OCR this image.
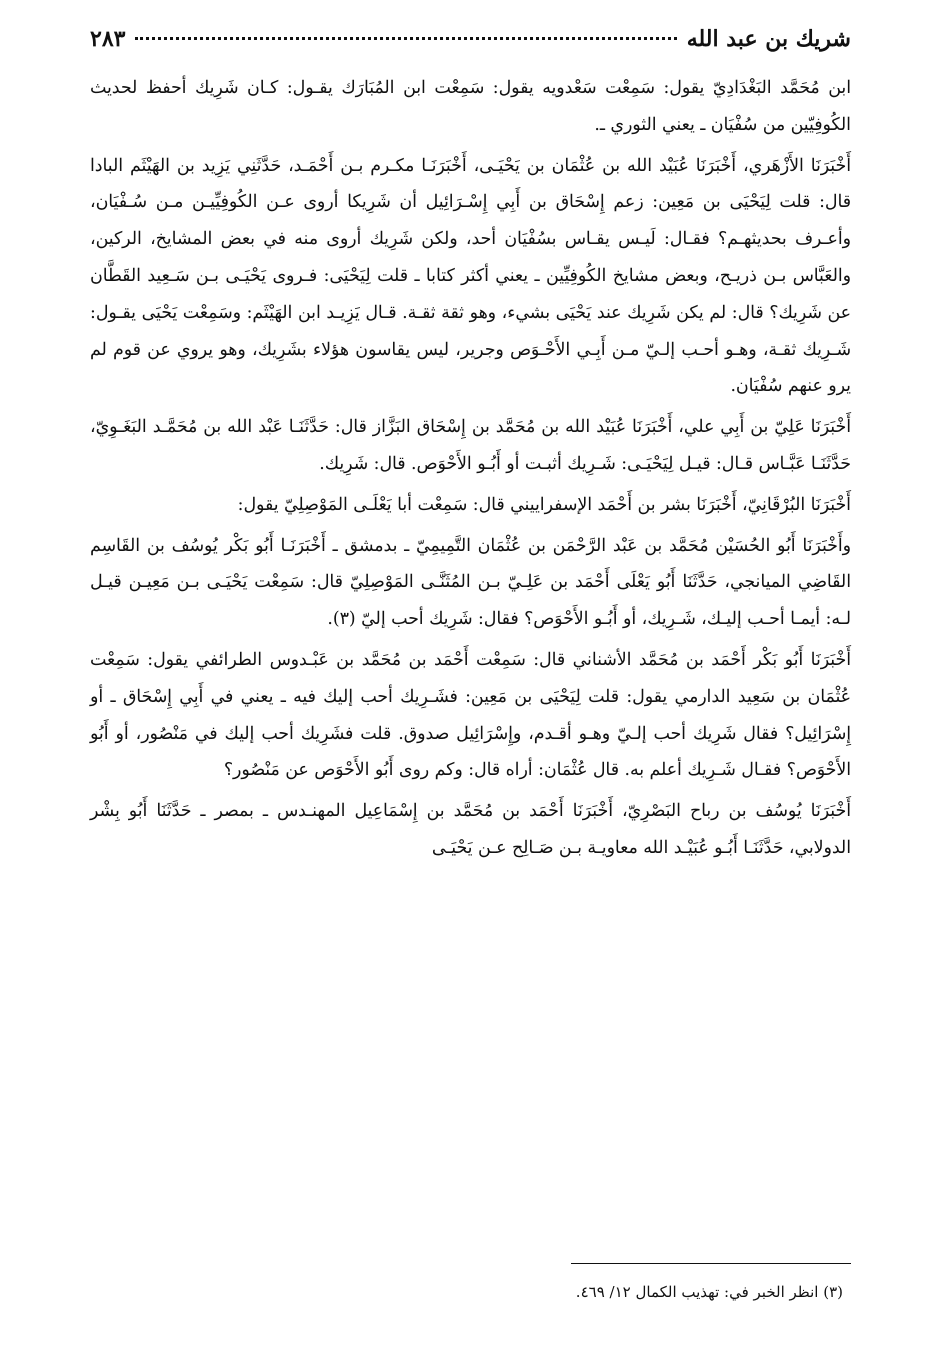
شريك بن عبد الله
٢٨٣

ابن مُحَمَّد البَغْدَادِيّ يقول: سَمِعْت سَعْدويه يقول: سَمِعْت ابن المُبَارَك يقـول: كـان شَرِيك أحفظ لحديث الكُوفِيّين من سُفْيَان ـ يعني الثوري ـ.

أَخْبَرَنَا الأَزْهَري، أَخْبَرَنَا عُبَيْد الله بن عُثْمَان بن يَحْيَـى، أَخْبَرَنَـا مكـرم بـن أَحْمَـد، حَدَّثَنِي يَزِيد بن الهَيْثَم البادا قال: قلت لِيَحْيَى بن مَعِين: زعم إِسْحَاق بن أَبِي إِسْـرَائِيل أن شَرِيكا أروى عـن الكُوفِيِّيـن مـن سُـفْيَان، وأعـرف بحديثهـم؟ فقـال: لَيـس يقـاس بسُفْيَان أحد، ولكن شَرِيك أروى منه في بعض المشايخ، الركين، والعَبَّاس بـن ذريـح، وبعض مشايخ الكُوفِيِّين ـ يعني أكثر كتابا ـ قلت لِيَحْيَى: فـروى يَحْيَـى بـن سَـعِيد القَطَّان عن شَرِيك؟ قال: لم يكن شَرِيك عند يَحْيَى بشيء، وهو ثقة ثقـة. قـال يَزِيـد ابن الهَيْثَم: وسَمِعْت يَحْيَى يقـول: شَـرِيك ثقـة، وهـو أحـب إلـيّ مـن أَبِـي الأَحْـوَص وجرير، ليس يقاسون هؤلاء بشَرِيك، وهو يروي عن قوم لم يرو عنهم سُفْيَان.

أَخْبَرَنَا عَلِيّ بن أَبِي علي، أَخْبَرَنَا عُبَيْد الله بن مُحَمَّد بن إِسْحَاق البَزَّاز قال: حَدَّثَنَـا عَبْد الله بن مُحَمَّـد البَغَـوِيّ، حَدَّثَنَـا عَبَّـاس قـال: قيـل لِيَحْيَـى: شَـرِيك أثبـت أو أَبُـو الأَحْوَص. قال: شَرِيك.

أَخْبَرَنَا البُرْقَانِيّ، أَخْبَرَنَا بشر بن أَحْمَد الإسفراييني قال: سَمِعْت أبا يَعْلَـى المَوْصِلِيّ يقول:

وأَخْبَرَنَا أَبُو الحُسَيْن مُحَمَّد بن عَبْد الرَّحْمَن بن عُثْمَان التَّمِيمِيّ ـ بدمشق ـ أَخْبَرَنَـا أَبُو بَكْر يُوسُف بن القَاسِم القَاضِي الميانجي، حَدَّثَنَا أَبُو يَعْلَى أَحْمَد بن عَلِـيّ بـن المُثَنَّـى المَوْصِلِيّ قال: سَمِعْت يَحْيَـى بـن مَعِيـن قيـل لـه: أيمـا أحـب إليـك، شَـرِيك، أو أَبُـو الأَحْوَص؟ فقال: شَرِيك أحب إليّ (٣).

أَخْبَرَنَا أَبُو بَكْر أَحْمَد بن مُحَمَّد الأشناني قال: سَمِعْت أَحْمَد بن مُحَمَّد بن عَبْـدوس الطرائفي يقول: سَمِعْت عُثْمَان بن سَعِيد الدارمي يقول: قلت لِيَحْيَى بن مَعِين: فشَـرِيك أحب إليك فيه ـ يعني في أَبِي إِسْحَاق ـ أو إِسْرَائِيل؟ فقال شَرِيك أحب إلـيّ وهـو أقـدم، وإِسْرَائِيل صدوق. قلت فشَرِيك أحب إليك في مَنْصُور، أو أَبُو الأَحْوَص؟ فقـال شَـرِيك أعلم به. قال عُثْمَان: أراه قال: وكم روى أَبُو الأَحْوَص عن مَنْصُور؟

أَخْبَرَنَا يُوسُف بن رباح البَصْرِيّ، أَخْبَرَنَا أَحْمَد بن مُحَمَّد بن إِسْمَاعِيل المهنـدس ـ بمصر ـ حَدَّثَنَا أَبُو بِشْر الدولابي، حَدَّثَنَـا أَبُـو عُبَيْـد الله معاويـة بـن صَـالِح عـن يَحْيَـى

(٣) انظر الخبر في: تهذيب الكمال ١٢/ ٤٦٩.
